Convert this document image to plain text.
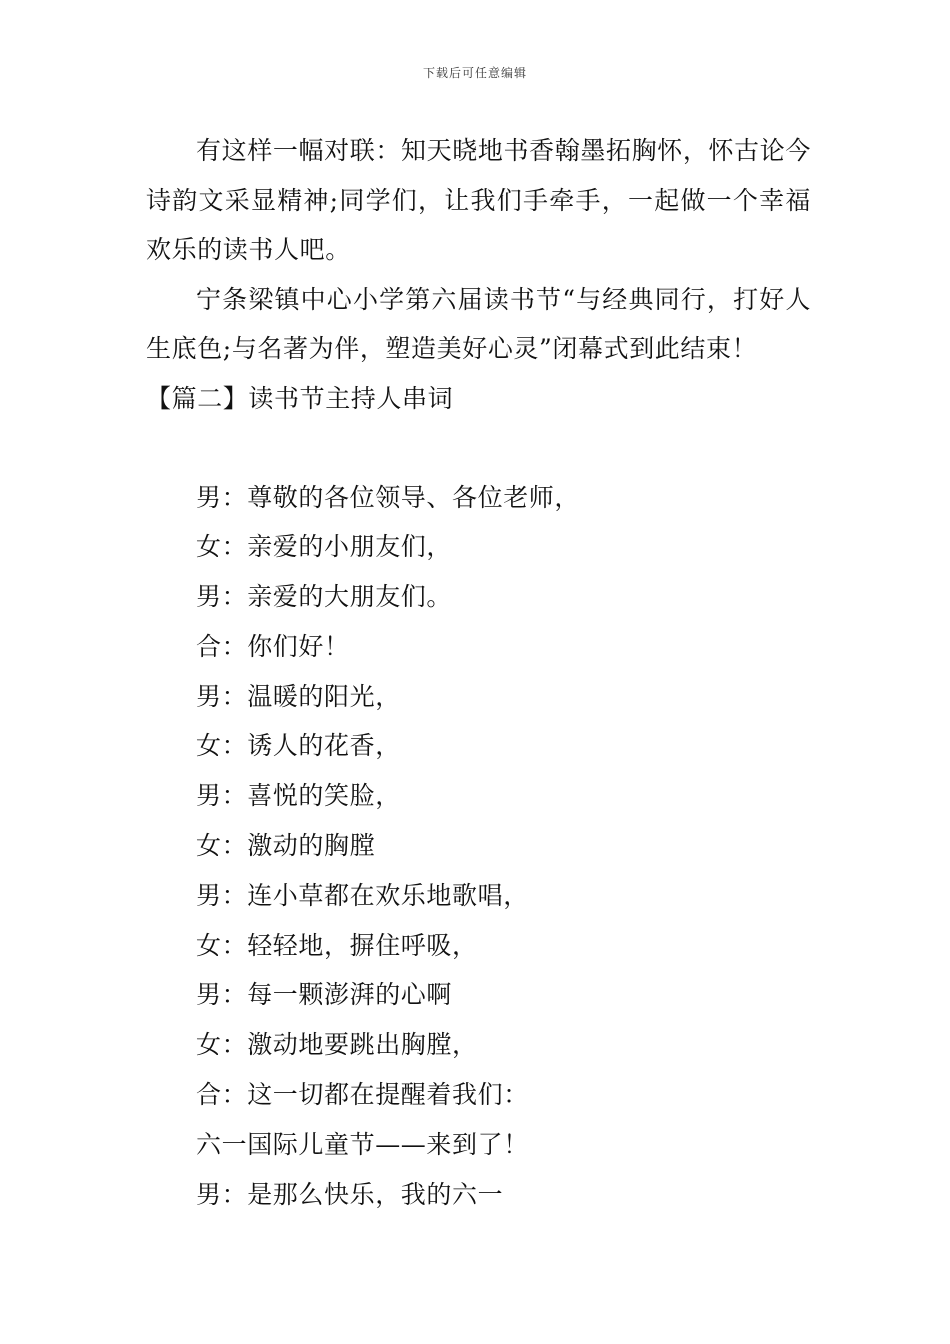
下载后可任意编辑

有这样一幅对联：知天晓地书香翰墨拓胸怀，怀古论今诗韵文采显精神;同学们，让我们手牵手，一起做一个幸福欢乐的读书人吧。

宁条梁镇中心小学第六届读书节“与经典同行，打好人生底色;与名著为伴，塑造美好心灵”闭幕式到此结束！

【篇二】读书节主持人串词

男：尊敬的各位领导、各位老师，
女：亲爱的小朋友们，
男：亲爱的大朋友们。
合：你们好！
男：温暖的阳光，
女：诱人的花香，
男：喜悦的笑脸，
女：激动的胸膛
男：连小草都在欢乐地歌唱，
女：轻轻地，摒住呼吸，
男：每一颗澎湃的心啊
女：激动地要跳出胸膛，
合：这一切都在提醒着我们：
六一国际儿童节——来到了！
男：是那么快乐，我的六一
